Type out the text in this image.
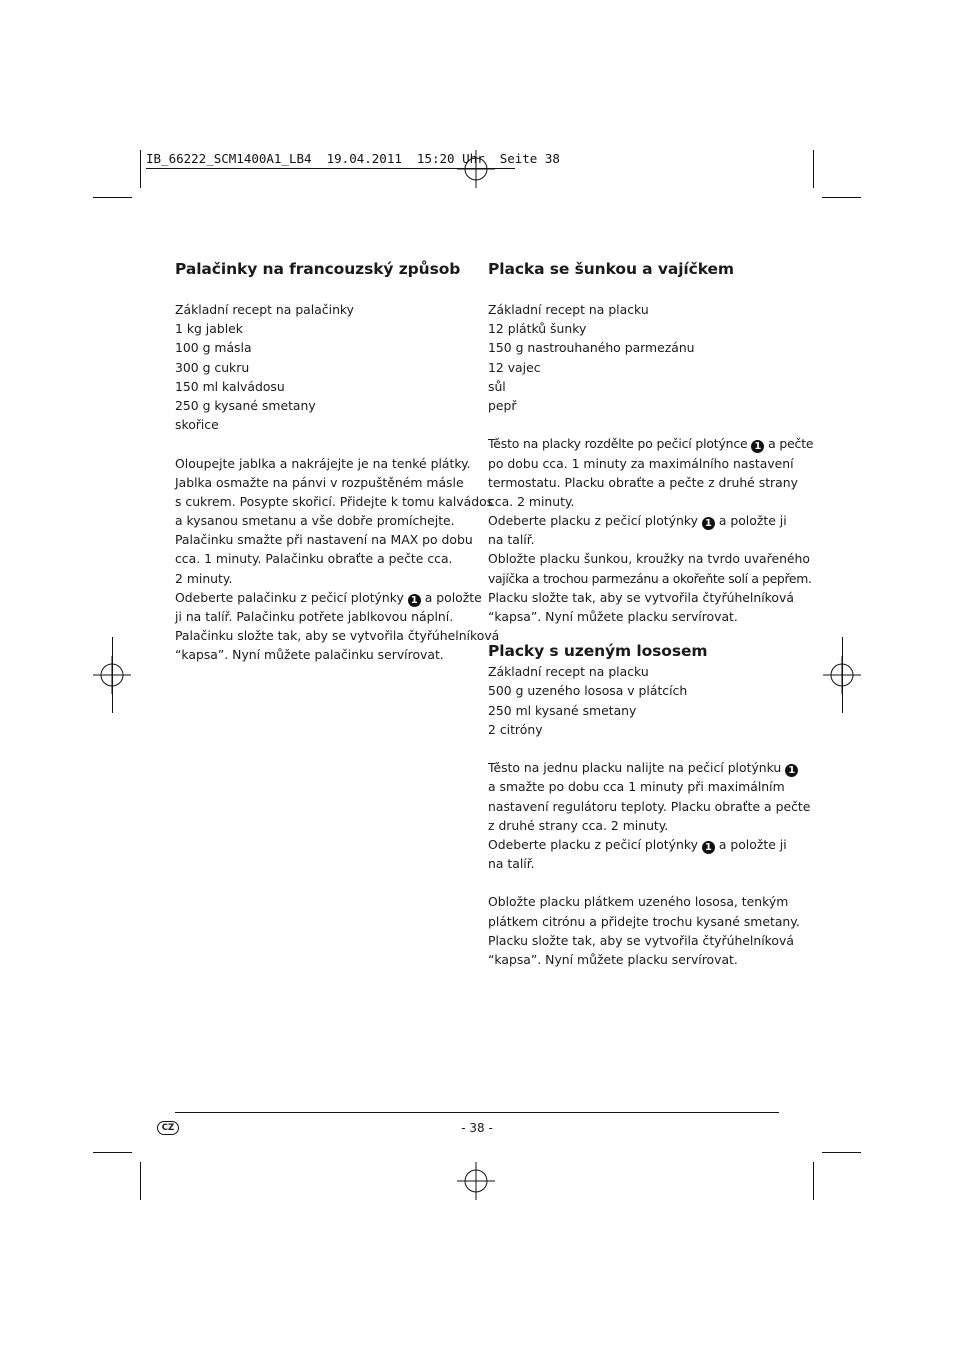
IB_66222_SCM1400A1_LB4  19.04.2011  15:20 Uhr  Seite 38
Palačinky na francouzský způsob
Základní recept na palačinky
1 kg jablek
100 g másla
300 g cukru
150 ml kalvádosu
250 g kysané smetany
skořice
Oloupejte jablka a nakrájejte je na tenké plátky.
Jablka osmažte na pánvi v rozpuštěném másle
s cukrem. Posypte skořicí. Přidejte k tomu kalvádos
a kysanou smetanu a vše dobře promíchejte.
Palačinku smažte při nastavení na MAX po dobu
cca. 1 minuty. Palačinku obraťte a pečte cca.
2 minuty.
Odeberte palačinku z pečicí plotýnky 1 a položte
ji na talíř. Palačinku potřete jablkovou náplní.
Palačinku složte tak, aby se vytvořila čtyřúhelníková
“kapsa”. Nyní můžete palačinku servírovat.
Placka se šunkou a vajíčkem
Základní recept na placku
12 plátků šunky
150 g nastrouhaného parmezánu
12 vajec
sůl
pepř
Těsto na placky rozdělte po pečicí plotýnce 1 a pečte
po dobu cca. 1 minuty za maximálního nastavení
termostatu. Placku obraťte a pečte z druhé strany
cca. 2 minuty.
Odeberte placku z pečicí plotýnky 1 a položte ji
na talíř.
Obložte placku šunkou, kroužky na tvrdo uvařeného
vajíčka a trochou parmezánu a okořeňte solí a pepřem.
Placku složte tak, aby se vytvořila čtyřúhelníková
“kapsa”. Nyní můžete placku servírovat.
Placky s uzeným lososem
Základní recept na placku
500 g uzeného lososa v plátcích
250 ml kysané smetany
2 citróny
Těsto na jednu placku nalijte na pečicí plotýnku 1
a smažte po dobu cca 1 minuty při maximálním
nastavení regulátoru teploty. Placku obraťte a pečte
z druhé strany cca. 2 minuty.
Odeberte placku z pečicí plotýnky 1 a položte ji
na talíř.
Obložte placku plátkem uzeného lososa, tenkým
plátkem citrónu a přidejte trochu kysané smetany.
Placku složte tak, aby se vytvořila čtyřúhelníková
“kapsa”. Nyní můžete placku servírovat.
CZ	- 38 -
